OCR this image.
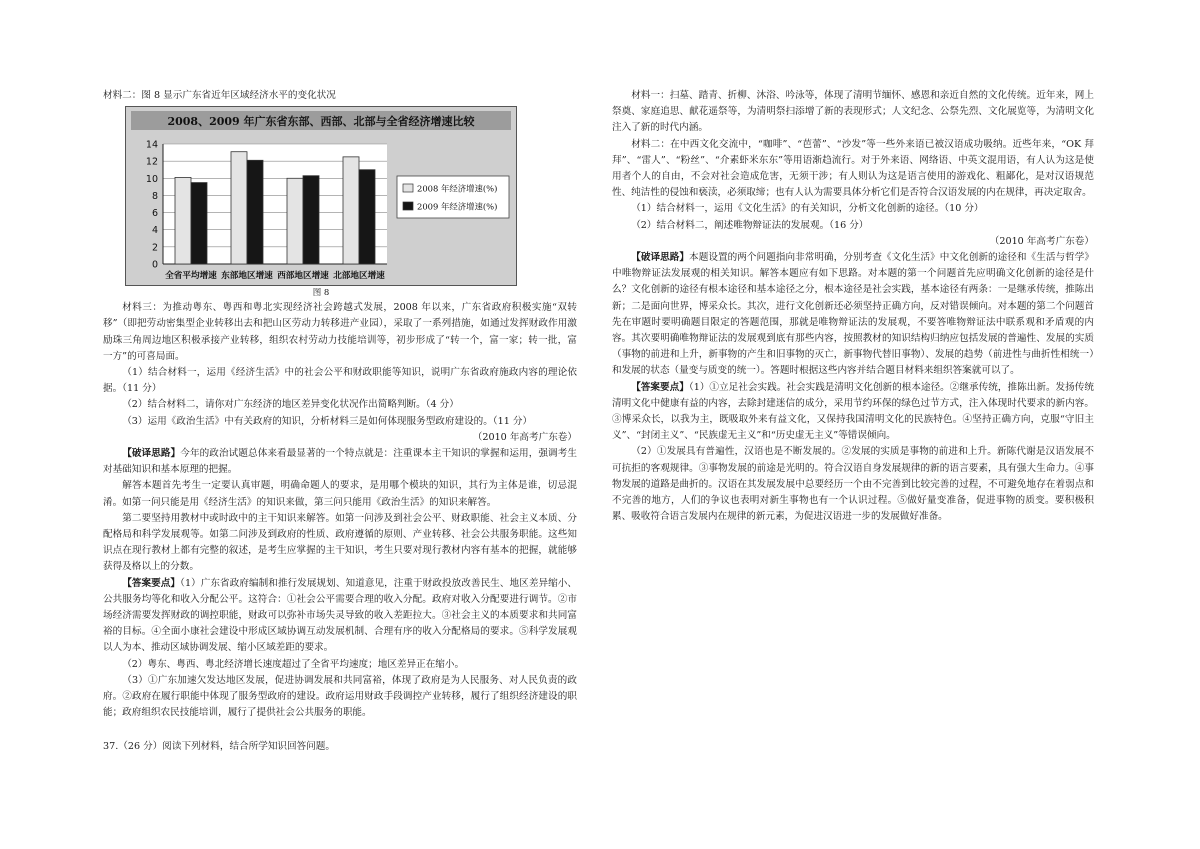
材料二：图 8 显示广东省近年区域经济水平的变化状况

2008、2009 年广东省东部、西部、北部与全省经济增速比较
0
2
4
6
8
10
12
14
全省平均增速 东部地区增速 西部地区增速 北部地区增速
2008 年经济增速(%)
2009 年经济增速(%)
图 8

材料三：为推动粤东、粤西和粤北实现经济社会跨越式发展，2008 年以来，广东省政府积极实施“双转移”（即把劳动密集型企业转移出去和把山区劳动力转移进产业园），采取了一系列措施，如通过发挥财政作用激励珠三角周边地区积极承接产业转移，组织农村劳动力技能培训等，初步形成了“转一个，富一家；转一批，富一方”的可喜局面。

（1）结合材料一，运用《经济生活》中的社会公平和财政职能等知识，说明广东省政府施政内容的理论依据。（11 分）

（2）结合材料二，请你对广东经济的地区差异变化状况作出简略判断。（4 分）

（3）运用《政治生活》中有关政府的知识，分析材料三是如何体现服务型政府建设的。（11 分）

（2010 年高考广东卷）

【破译思路】今年的政治试题总体来看最显著的一个特点就是：注重课本主干知识的掌握和运用，强调考生对基础知识和基本原理的把握。

解答本题首先考生一定要认真审题，明确命题人的要求，是用哪个模块的知识，其行为主体是谁，切忌混淆。如第一问只能是用《经济生活》的知识来做，第三问只能用《政治生活》的知识来解答。

第二要坚持用教材中或时政中的主干知识来解答。如第一问涉及到社会公平、财政职能、社会主义本质、分配格局和科学发展观等。如第二问涉及到政府的性质、政府遵循的原则、产业转移、社会公共服务职能。这些知识点在现行教材上都有完整的叙述，是考生应掌握的主干知识，考生只要对现行教材内容有基本的把握，就能够获得及格以上的分数。

【答案要点】（1）广东省政府编制和推行发展规划、知道意见，注重于财政投放改善民生、地区差异缩小、公共服务均等化和收入分配公平。这符合：①社会公平需要合理的收入分配。政府对收入分配要进行调节。②市场经济需要发挥财政的调控职能，财政可以弥补市场失灵导致的收入差距拉大。③社会主义的本质要求和共同富裕的目标。④全面小康社会建设中形成区域协调互动发展机制、合理有序的收入分配格局的要求。⑤科学发展观以人为本、推动区域协调发展、缩小区域差距的要求。

（2）粤东、粤西、粤北经济增长速度超过了全省平均速度；地区差异正在缩小。

（3）①广东加速欠发达地区发展，促进协调发展和共同富裕，体现了政府是为人民服务、对人民负责的政府。②政府在履行职能中体现了服务型政府的建设。政府运用财政手段调控产业转移，履行了组织经济建设的职能；政府组织农民技能培训，履行了提供社会公共服务的职能。

37.（26 分）阅读下列材料，结合所学知识回答问题。

材料一：扫墓、踏青、折柳、沐浴、吟泳等，体现了清明节缅怀、感恩和亲近自然的文化传统。近年来，网上祭奠、家庭追思、献花遥祭等，为清明祭扫添增了新的表现形式；人文纪念、公祭先烈、文化展览等，为清明文化注入了新的时代内涵。

材料二：在中西文化交流中，“咖啡”、“芭蕾”、“沙发”等一些外来语已被汉语成功吸纳。近些年来，“OK 拜拜”、“雷人”、“粉丝”、“介素虾米东东”等用语渐趋流行。对于外来语、网络语、中英文混用语，有人认为这是使用者个人的自由，不会对社会造成危害，无须干涉；有人则认为这是语言使用的游戏化、粗鄙化，是对汉语规范性、纯洁性的侵蚀和亵渎，必须取缔；也有人认为需要具体分析它们是否符合汉语发展的内在规律，再决定取舍。

（1）结合材料一，运用《文化生活》的有关知识，分析文化创新的途径。（10 分）

（2）结合材料二，阐述唯物辩证法的发展观。（16 分）

（2010 年高考广东卷）

【破译思路】本题设置的两个问题指向非常明确，分别考查《文化生活》中文化创新的途径和《生活与哲学》中唯物辩证法发展观的相关知识。解答本题应有如下思路。对本题的第一个问题首先应明确文化创新的途径是什么？文化创新的途径有根本途径和基本途径之分，根本途径是社会实践，基本途径有两条：一是继承传统，推陈出新；二是面向世界，博采众长。其次，进行文化创新还必须坚持正确方向，反对错误倾向。对本题的第二个问题首先在审题时要明确题目限定的答题范围，那就是唯物辩证法的发展观，不要答唯物辩证法中联系观和矛盾观的内容。其次要明确唯物辩证法的发展观到底有那些内容，按照教材的知识结构归纳应包括发展的普遍性、发展的实质（事物的前进和上升，新事物的产生和旧事物的灭亡，新事物代替旧事物）、发展的趋势（前进性与曲折性相统一）和发展的状态（量变与质变的统一）。答题时根据这些内容并结合题目材料来组织答案就可以了。

【答案要点】（1）①立足社会实践。社会实践是清明文化创新的根本途径。②继承传统，推陈出新。发扬传统清明文化中健康有益的内容，去除封建迷信的成分，采用节约环保的绿色过节方式，注入体现时代要求的新内容。③博采众长，以我为主，既吸取外来有益文化，又保持我国清明文化的民族特色。④坚持正确方向，克服“守旧主义”、“封闭主义”、“民族虚无主义”和“历史虚无主义”等错误倾向。

（2）①发展具有普遍性，汉语也是不断发展的。②发展的实质是事物的前进和上升。新陈代谢是汉语发展不可抗拒的客观规律。③事物发展的前途是光明的。符合汉语自身发展规律的新的语言要素，具有强大生命力。④事物发展的道路是曲折的。汉语在其发展发展中总要经历一个由不完善到比较完善的过程，不可避免地存在着弱点和不完善的地方，人们的争议也表明对新生事物也有一个认识过程。⑤做好量变准备，促进事物的质变。要积极积累、吸收符合语言发展内在规律的新元素，为促进汉语进一步的发展做好准备。
